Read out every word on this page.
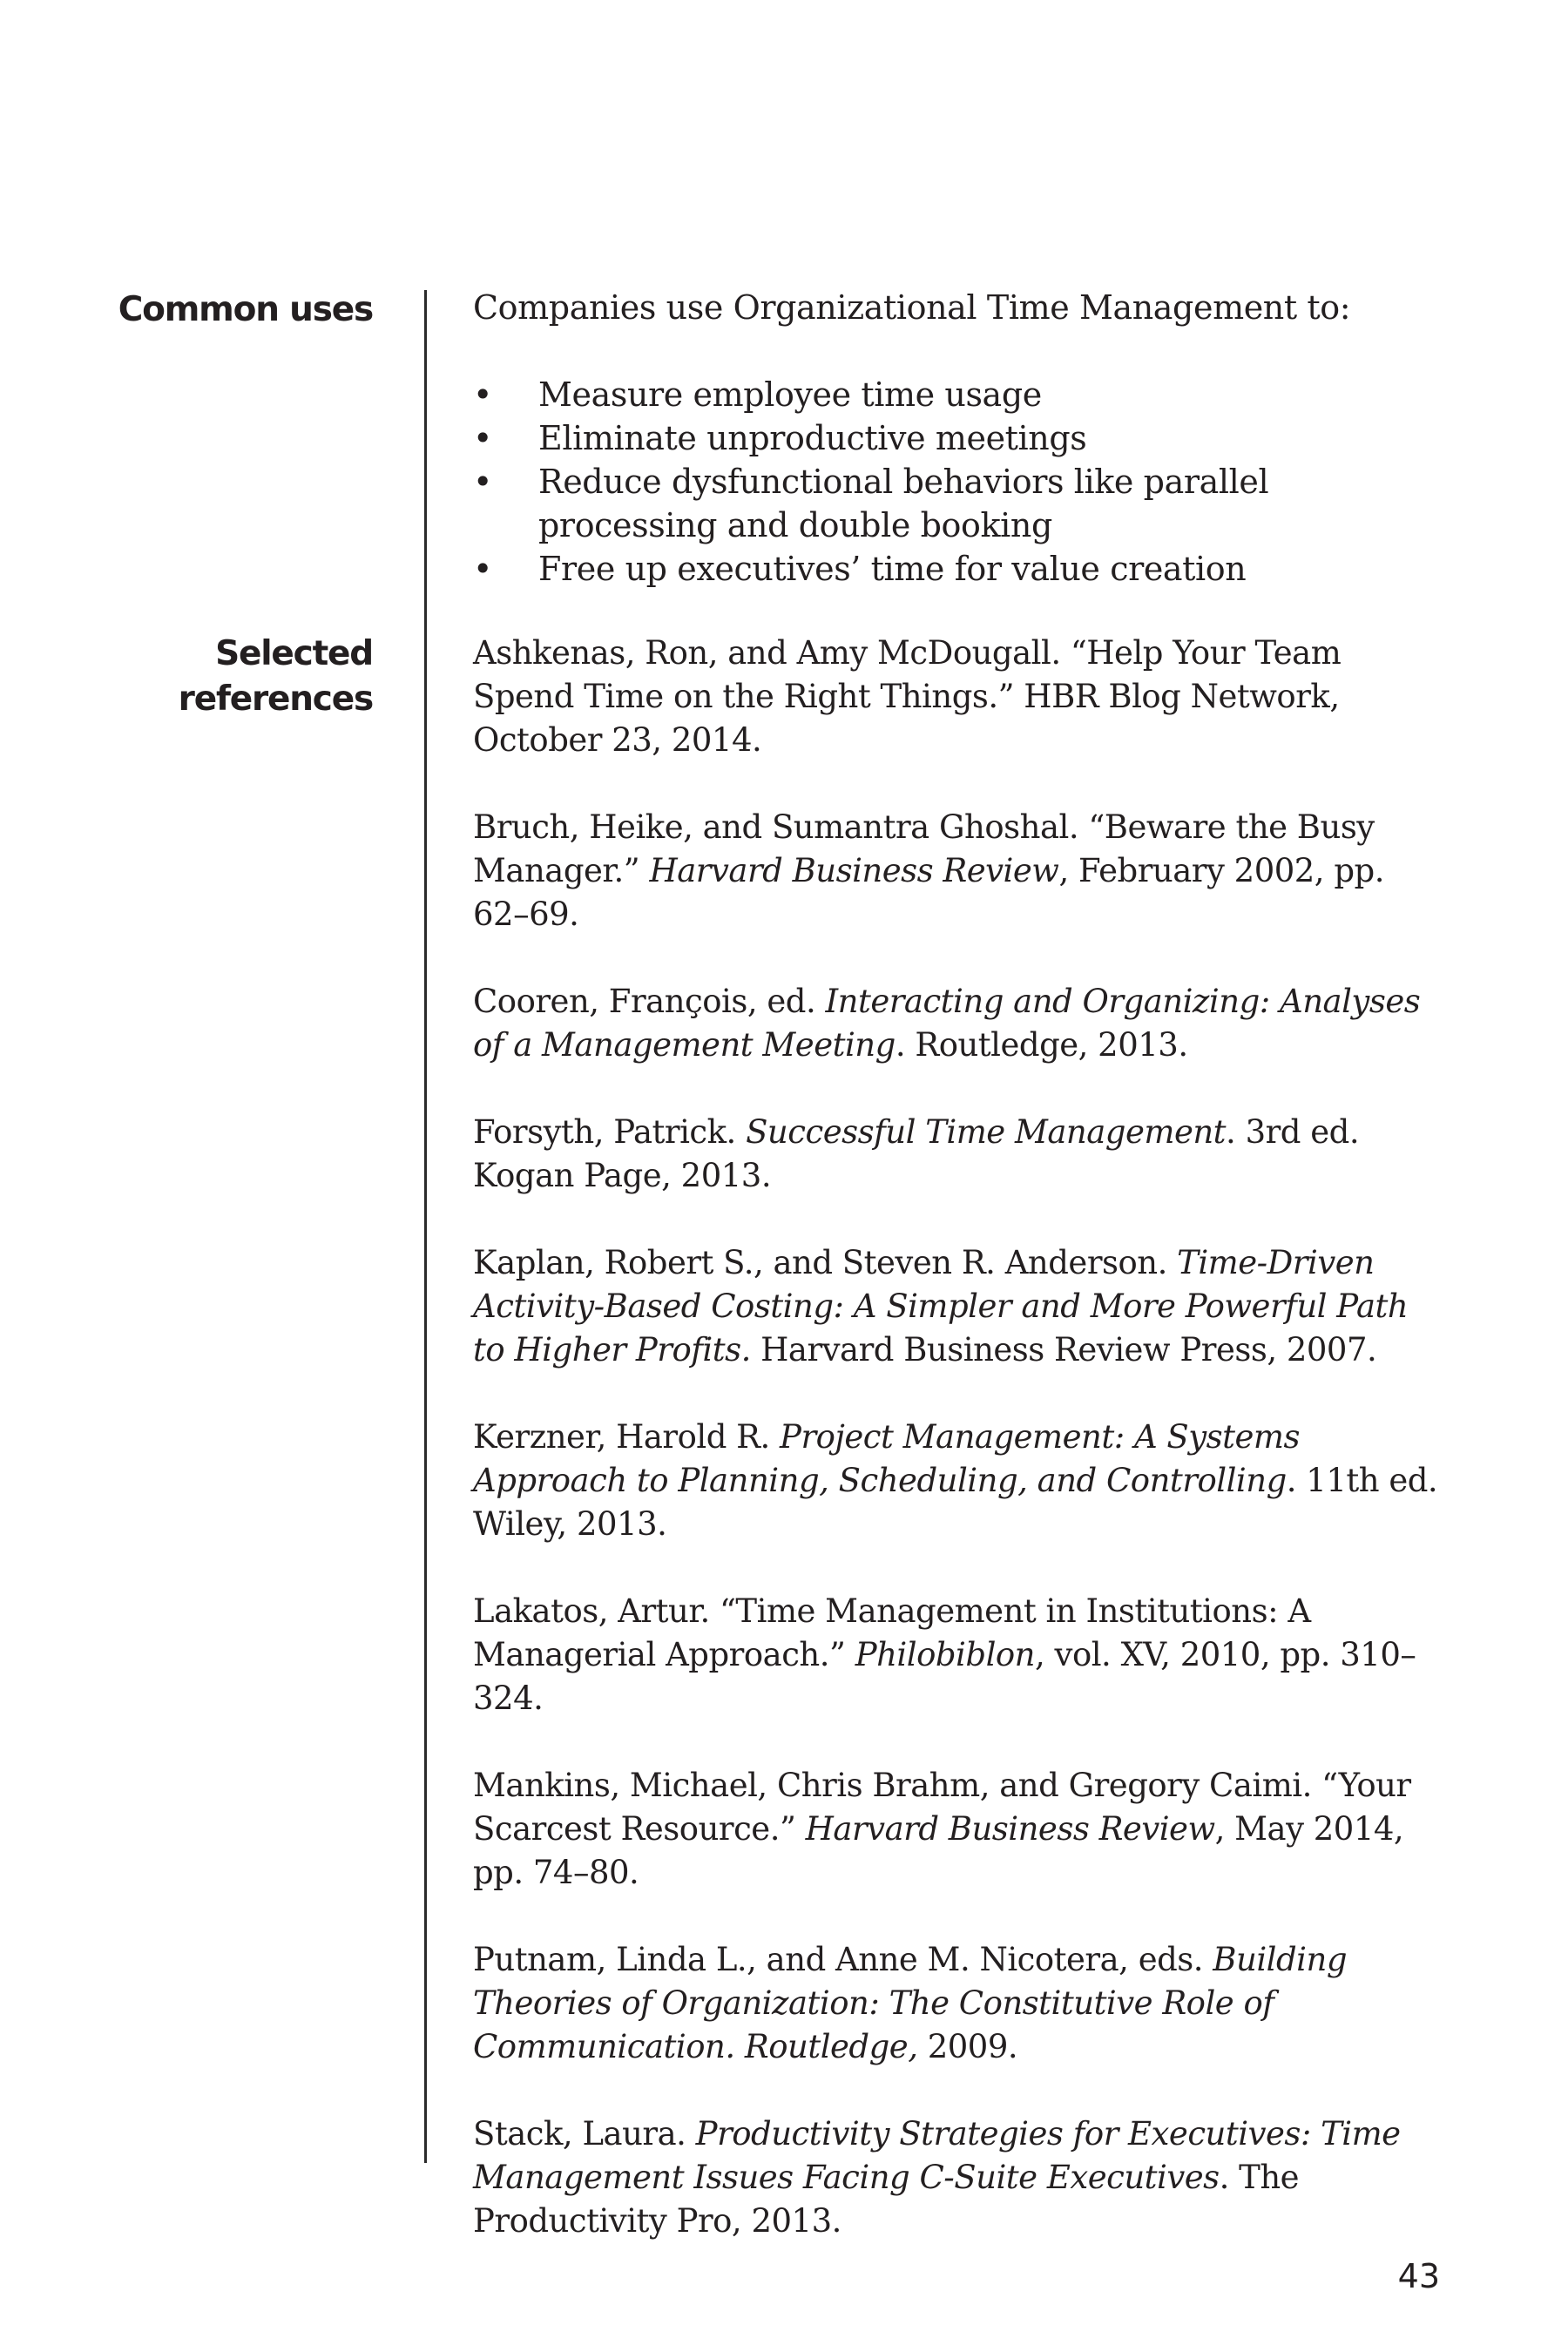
Common uses	Companies use Organizational Time Management to:
• Measure employee time usage
• Eliminate unproductive meetings
• Reduce dysfunctional behaviors like parallel processing and double booking
• Free up executives’ time for value creation
Selected
references
Ashkenas, Ron, and Amy McDougall. “Help Your Team Spend Time on the Right Things.” HBR Blog Network, October 23, 2014.
Bruch, Heike, and Sumantra Ghoshal. “Beware the Busy Manager.” Harvard Business Review, February 2002, pp. 62–69.
Cooren, François, ed. Interacting and Organizing: Analyses of a Management Meeting. Routledge, 2013.
Forsyth, Patrick. Successful Time Management. 3rd ed. Kogan Page, 2013.
Kaplan, Robert S., and Steven R. Anderson. Time-Driven Activity-Based Costing: A Simpler and More Powerful Path to Higher Profits. Harvard Business Review Press, 2007.
Kerzner, Harold R. Project Management: A Systems Approach to Planning, Scheduling, and Controlling. 11th ed. Wiley, 2013.
Lakatos, Artur. “Time Management in Institutions: A Managerial Approach.” Philobiblon, vol. XV, 2010, pp. 310–324.
Mankins, Michael, Chris Brahm, and Gregory Caimi. “Your Scarcest Resource.” Harvard Business Review, May 2014, pp. 74–80.
Putnam, Linda L., and Anne M. Nicotera, eds. Building Theories of Organization: The Constitutive Role of Communication. Routledge, 2009.
Stack, Laura. Productivity Strategies for Executives: Time Management Issues Facing C-Suite Executives. The Productivity Pro, 2013.
43
